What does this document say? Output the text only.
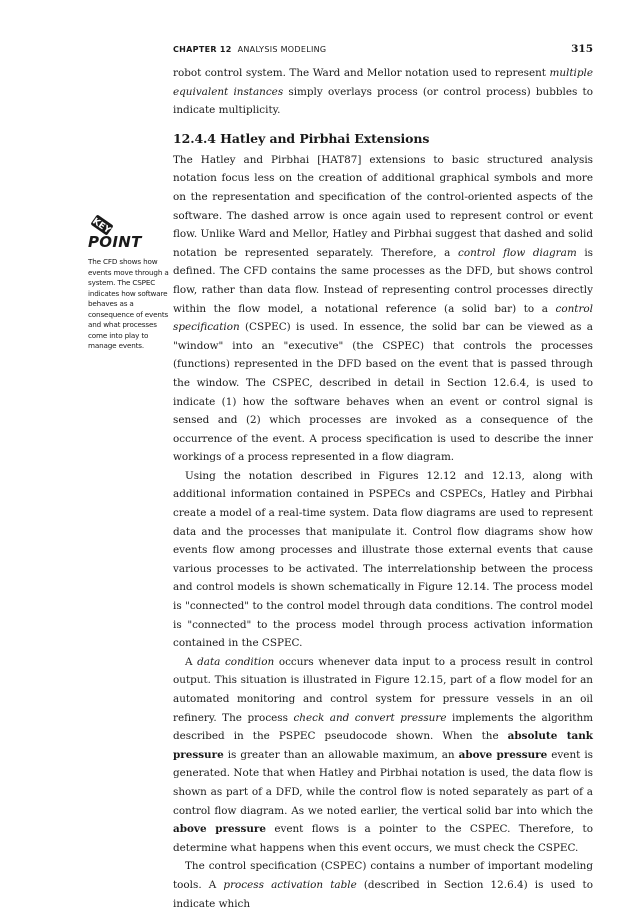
CHAPTER 12 ANALYSIS MODELING	315
KEY
POINT
The CFD shows how
events move through a
system. The CSPEC
indicates how software
behaves as a
consequence of events
and what processes
come into play to
manage events.

robot control system. The Ward and Mellor notation used to represent multiple equivalent instances simply overlays process (or control process) bubbles to indicate multiplicity.

12.4.4 Hatley and Pirbhai Extensions

The Hatley and Pirbhai [HAT87] extensions to basic structured analysis notation focus less on the creation of additional graphical symbols and more on the representation and specification of the control-oriented aspects of the software. The dashed arrow is once again used to represent control or event flow. Unlike Ward and Mellor, Hatley and Pirbhai suggest that dashed and solid notation be represented separately. Therefore, a control flow diagram is defined. The CFD contains the same processes as the DFD, but shows control flow, rather than data flow. Instead of representing control processes directly within the flow model, a notational reference (a solid bar) to a control specification (CSPEC) is used. In essence, the solid bar can be viewed as a "window" into an "executive" (the CSPEC) that controls the processes (functions) represented in the DFD based on the event that is passed through the window. The CSPEC, described in detail in Section 12.6.4, is used to indicate (1) how the software behaves when an event or control signal is sensed and (2) which processes are invoked as a consequence of the occurrence of the event. A process specification is used to describe the inner workings of a process represented in a flow diagram.

Using the notation described in Figures 12.12 and 12.13, along with additional information contained in PSPECs and CSPECs, Hatley and Pirbhai create a model of a real-time system. Data flow diagrams are used to represent data and the processes that manipulate it. Control flow diagrams show how events flow among processes and illustrate those external events that cause various processes to be activated. The interrelationship between the process and control models is shown schematically in Figure 12.14. The process model is "connected" to the control model through data conditions. The control model is "connected" to the process model through process activation information contained in the CSPEC.

A data condition occurs whenever data input to a process result in control output. This situation is illustrated in Figure 12.15, part of a flow model for an automated monitoring and control system for pressure vessels in an oil refinery. The process check and convert pressure implements the algorithm described in the PSPEC pseudocode shown. When the absolute tank pressure is greater than an allowable maximum, an above pressure event is generated. Note that when Hatley and Pirbhai notation is used, the data flow is shown as part of a DFD, while the control flow is noted separately as part of a control flow diagram. As we noted earlier, the vertical solid bar into which the above pressure event flows is a pointer to the CSPEC. Therefore, to determine what happens when this event occurs, we must check the CSPEC.

The control specification (CSPEC) contains a number of important modeling tools. A process activation table (described in Section 12.6.4) is used to indicate which
